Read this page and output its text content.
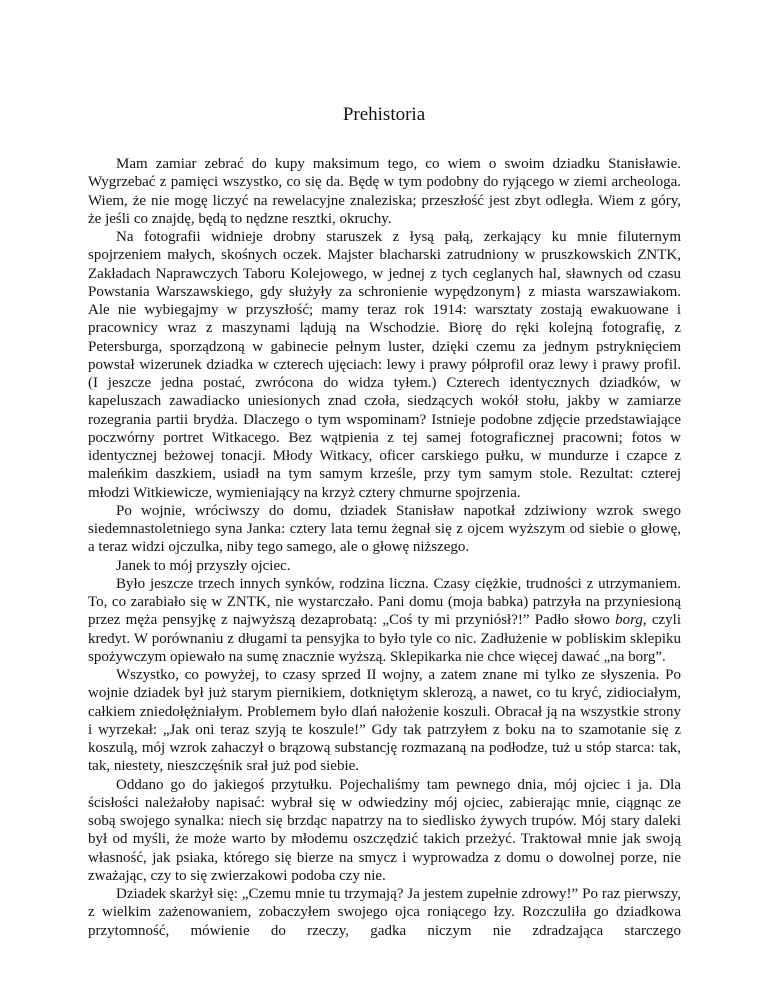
Prehistoria

Mam zamiar zebrać do kupy maksimum tego, co wiem o swoim dziadku Stanisławie. Wygrzebać z pamięci wszystko, co się da. Będę w tym podobny do ryjącego w ziemi archeologa. Wiem, że nie mogę liczyć na rewelacyjne znaleziska; przeszłość jest zbyt odległa. Wiem z góry, że jeśli co znajdę, będą to nędzne resztki, okruchy.

Na fotografii widnieje drobny staruszek z łysą pałą, zerkający ku mnie filuternym spojrzeniem małych, skośnych oczek. Majster blacharski zatrudniony w pruszkowskich ZNTK, Zakładach Naprawczych Taboru Kolejowego, w jednej z tych ceglanych hal, sławnych od czasu Powstania Warszawskiego, gdy służyły za schronienie wypędzonym} z miasta warszawiakom. Ale nie wybiegajmy w przyszłość; mamy teraz rok 1914: warsztaty zostają ewakuowane i pracownicy wraz z maszynami lądują na Wschodzie. Biorę do ręki kolejną fotografię, z Petersburga, sporządzoną w gabinecie pełnym luster, dzięki czemu za jednym pstryknięciem powstał wizerunek dziadka w czterech ujęciach: lewy i prawy półprofil oraz lewy i prawy profil. (I jeszcze jedna postać, zwrócona do widza tyłem.) Czterech identycznych dziadków, w kapeluszach zawadiacko uniesionych znad czoła, siedzących wokół stołu, jakby w zamiarze rozegrania partii brydża. Dlaczego o tym wspominam? Istnieje podobne zdjęcie przedstawiające poczwórny portret Witkacego. Bez wątpienia z tej samej fotograficznej pracowni; fotos w identycznej beżowej tonacji. Młody Witkacy, oficer carskiego pułku, w mundurze i czapce z maleńkim daszkiem, usiadł na tym samym krześle, przy tym samym stole. Rezultat: czterej młodzi Witkiewicze, wymieniający na krzyż cztery chmurne spojrzenia.

Po wojnie, wróciwszy do domu, dziadek Stanisław napotkał zdziwiony wzrok swego siedemnastoletniego syna Janka: cztery lata temu żegnał się z ojcem wyższym od siebie o głowę, a teraz widzi ojczulka, niby tego samego, ale o głowę niższego.

Janek to mój przyszły ojciec.

Było jeszcze trzech innych synków, rodzina liczna. Czasy ciężkie, trudności z utrzymaniem. To, co zarabiało się w ZNTK, nie wystarczało. Pani domu (moja babka) patrzyła na przyniesioną przez męża pensyjkę z najwyższą dezaprobatą: „Coś ty mi przyniósł?!” Padło słowo borg, czyli kredyt. W porównaniu z długami ta pensyjka to było tyle co nic. Zadłużenie w pobliskim sklepiku spożywczym opiewało na sumę znacznie wyższą. Sklepikarka nie chce więcej dawać „na borg”.

Wszystko, co powyżej, to czasy sprzed II wojny, a zatem znane mi tylko ze słyszenia. Po wojnie dziadek był już starym piernikiem, dotkniętym sklerozą, a nawet, co tu kryć, zidiociałym, całkiem zniedołężniałym. Problemem było dlań nałożenie koszuli. Obracał ją na wszystkie strony i wyrzekał: „Jak oni teraz szyją te koszule!” Gdy tak patrzyłem z boku na to szamotanie się z koszulą, mój wzrok zahaczył o brązową substancję rozmazaną na podłodze, tuż u stóp starca: tak, tak, niestety, nieszczęśnik srał już pod siebie.

Oddano go do jakiegoś przytułku. Pojechaliśmy tam pewnego dnia, mój ojciec i ja. Dla ścisłości należałoby napisać: wybrał się w odwiedziny mój ojciec, zabierając mnie, ciągnąc ze sobą swojego synalka: niech się brzdąc napatrzy na to siedlisko żywych trupów. Mój stary daleki był od myśli, że może warto by młodemu oszczędzić takich przeżyć. Traktował mnie jak swoją własność, jak psiaka, którego się bierze na smycz i wyprowadza z domu o dowolnej porze, nie zważając, czy to się zwierzakowi podoba czy nie.

Dziadek skarżył się: „Czemu mnie tu trzymają? Ja jestem zupełnie zdrowy!” Po raz pierwszy, z wielkim zażenowaniem, zobaczyłem swojego ojca roniącego łzy. Rozczuliła go dziadkowa przytomność, mówienie do rzeczy, gadka niczym nie zdradzająca starczego
